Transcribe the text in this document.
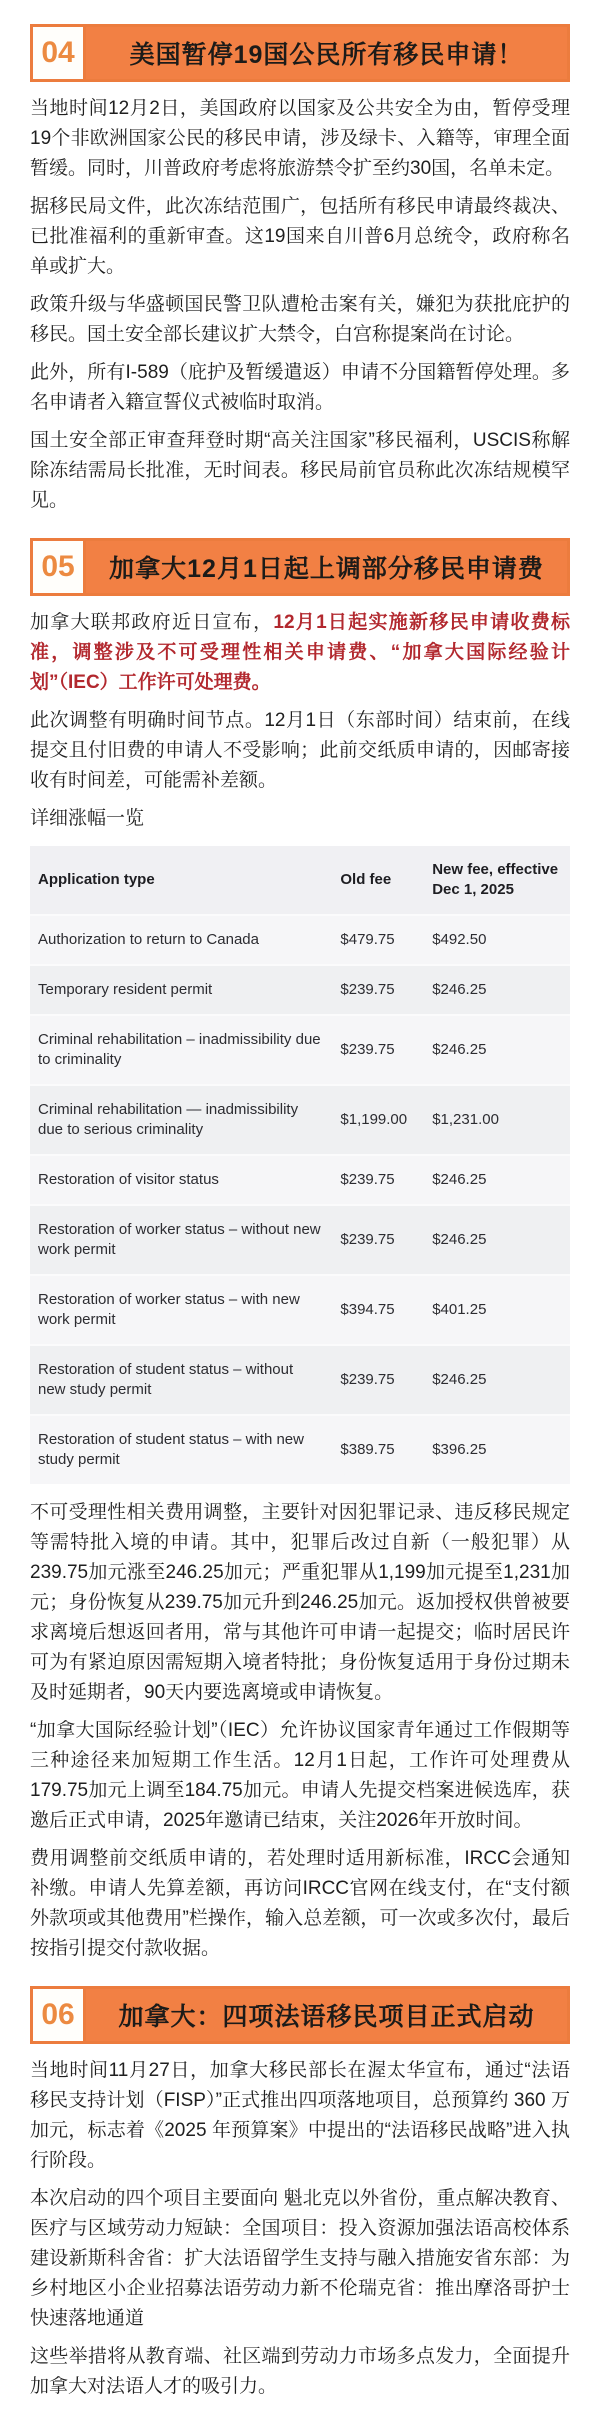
04	美国暂停19国公民所有移民申请！

当地时间12月2日，美国政府以国家及公共安全为由，暂停受理19个非欧洲国家公民的移民申请，涉及绿卡、入籍等，审理全面暂缓。同时，川普政府考虑将旅游禁令扩至约30国，名单未定。

据移民局文件，此次冻结范围广，包括所有移民申请最终裁决、已批准福利的重新审查。这19国来自川普6月总统令，政府称名单或扩大。

政策升级与华盛顿国民警卫队遭枪击案有关，嫌犯为获批庇护的移民。国土安全部长建议扩大禁令，白宫称提案尚在讨论。

此外，所有I-589（庇护及暂缓遣返）申请不分国籍暂停处理。多名申请者入籍宣誓仪式被临时取消。

国土安全部正审查拜登时期“高关注国家”移民福利，USCIS称解除冻结需局长批准，无时间表。移民局前官员称此次冻结规模罕见。

05	加拿大12月1日起上调部分移民申请费

加拿大联邦政府近日宣布，12月1日起实施新移民申请收费标准，调整涉及不可受理性相关申请费、“加拿大国际经验计划”（IEC）工作许可处理费。

此次调整有明确时间节点。12月1日（东部时间）结束前，在线提交且付旧费的申请人不受影响；此前交纸质申请的，因邮寄接收有时间差，可能需补差额。

详细涨幅一览

Application type	Old fee	New fee, effective Dec 1, 2025
Authorization to return to Canada	$479.75	$492.50
Temporary resident permit	$239.75	$246.25
Criminal rehabilitation – inadmissibility due to criminality	$239.75	$246.25
Criminal rehabilitation — inadmissibility due to serious criminality	$1,199.00	$1,231.00
Restoration of visitor status	$239.75	$246.25
Restoration of worker status – without new work permit	$239.75	$246.25
Restoration of worker status – with new work permit	$394.75	$401.25
Restoration of student status – without new study permit	$239.75	$246.25
Restoration of student status – with new study permit	$389.75	$396.25

不可受理性相关费用调整，主要针对因犯罪记录、违反移民规定等需特批入境的申请。其中，犯罪后改过自新（一般犯罪）从239.75加元涨至246.25加元；严重犯罪从1,199加元提至1,231加元；身份恢复从239.75加元升到246.25加元。返加授权供曾被要求离境后想返回者用，常与其他许可申请一起提交；临时居民许可为有紧迫原因需短期入境者特批；身份恢复适用于身份过期未及时延期者，90天内要选离境或申请恢复。

“加拿大国际经验计划”（IEC）允许协议国家青年通过工作假期等三种途径来加短期工作生活。12月1日起，工作许可处理费从179.75加元上调至184.75加元。申请人先提交档案进候选库，获邀后正式申请，2025年邀请已结束，关注2026年开放时间。

费用调整前交纸质申请的，若处理时适用新标准，IRCC会通知补缴。申请人先算差额，再访问IRCC官网在线支付，在“支付额外款项或其他费用”栏操作，输入总差额，可一次或多次付，最后按指引提交付款收据。

06	加拿大：四项法语移民项目正式启动

当地时间11月27日，加拿大移民部长在渥太华宣布，通过“法语移民支持计划（FISP）”正式推出四项落地项目，总预算约 360 万加元，标志着《2025 年预算案》中提出的“法语移民战略”进入执行阶段。

本次启动的四个项目主要面向 魁北克以外省份，重点解决教育、医疗与区域劳动力短缺：全国项目：投入资源加强法语高校体系建设新斯科舍省：扩大法语留学生支持与融入措施安省东部：为乡村地区小企业招募法语劳动力新不伦瑞克省：推出摩洛哥护士快速落地通道

这些举措将从教育端、社区端到劳动力市场多点发力，全面提升加拿大对法语人才的吸引力。
